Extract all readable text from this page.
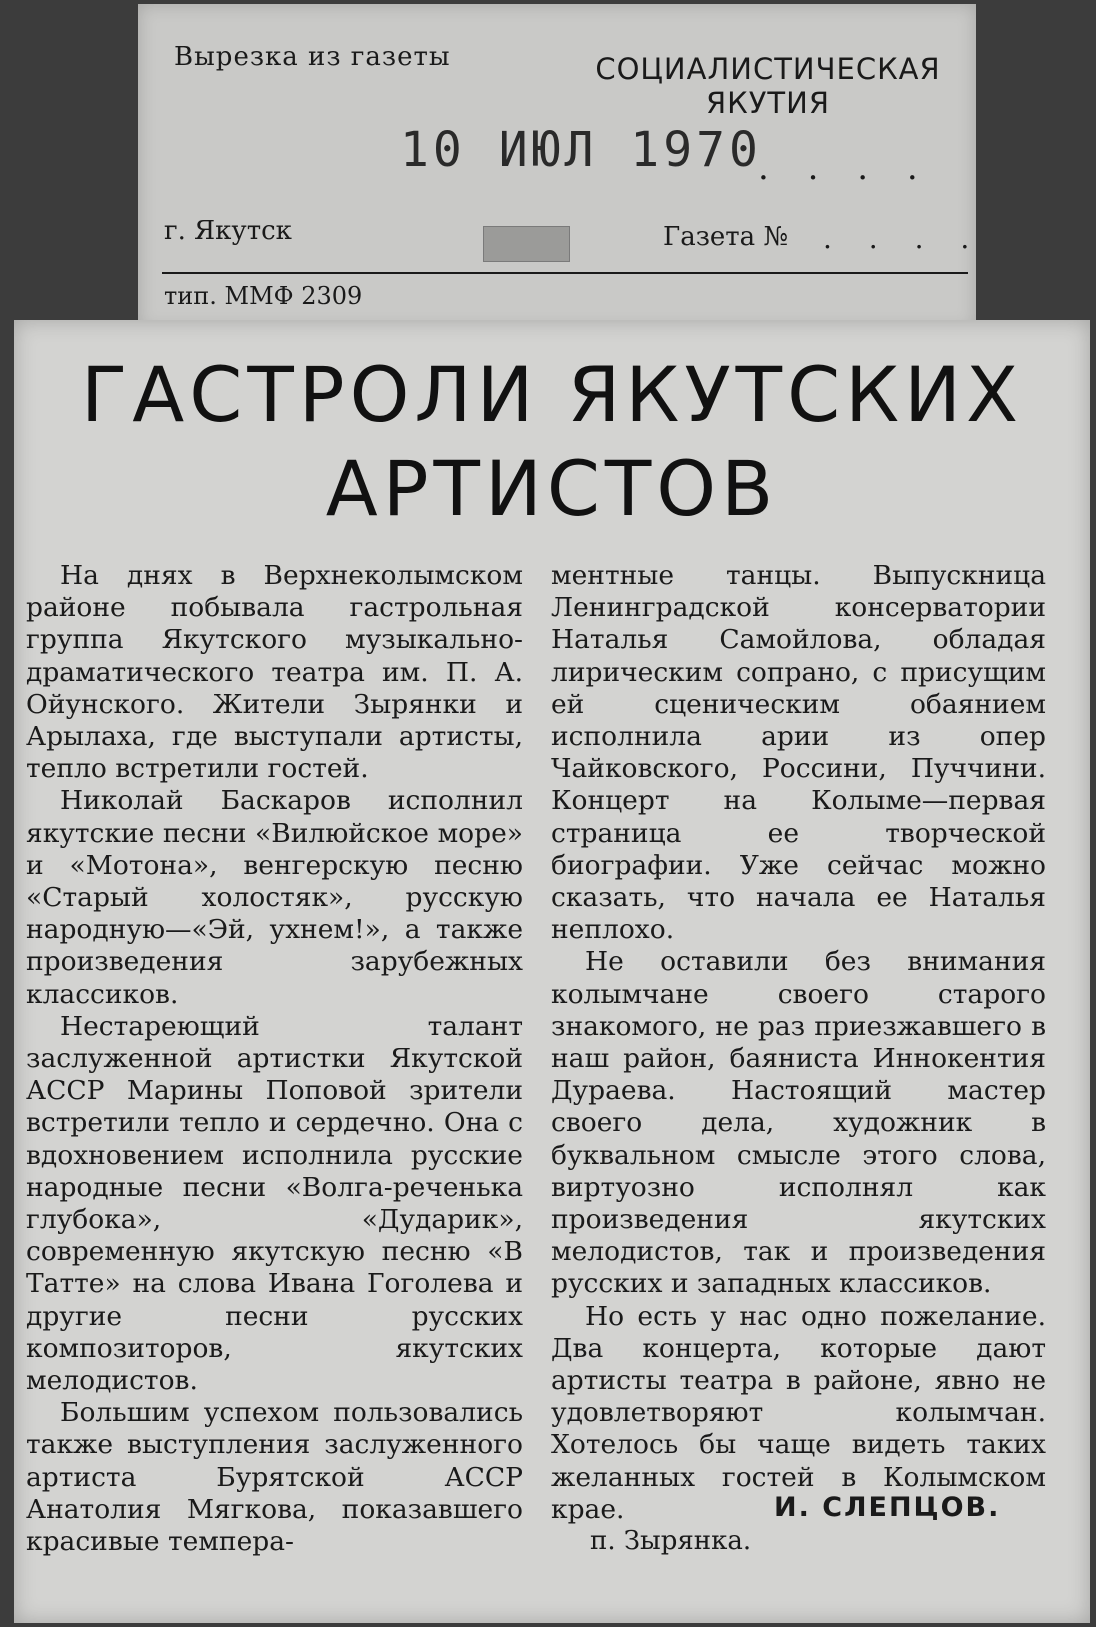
Вырезка из газеты	СОЦИАЛИСТИЧЕСКАЯ
ЯКУТИЯ
10 ИЮЛ 1970
. . . .
г. Якутск	Газета № . . . .
тип. ММФ 2309
ГАСТРОЛИ ЯКУТСКИХ
АРТИСТОВ

На днях в Верхнеколымском районе побывала гастрольная группа Якутского музыкально-драматического театра им. П. А. Ойунского. Жители Зырянки и Арылаха, где выступали артисты, тепло встретили гостей.

Николай Баскаров исполнил якутские песни «Вилюйское море» и «Мотона», венгерскую песню «Старый холостяк», русскую народную—«Эй, ухнем!», а также произведения зарубежных классиков.

Нестареющий талант заслуженной артистки Якутской АССР Марины Поповой зрители встретили тепло и сердечно. Она с вдохновением исполнила русские народные песни «Волга-реченька глубока», «Дударик», современную якутскую песню «В Татте» на слова Ивана Гоголева и другие песни русских композиторов, якутских мелодистов.

Большим успехом пользовались также выступления заслуженного артиста Бурятской АССР Анатолия Мягкова, показавшего красивые темпера-

ментные танцы. Выпускница Ленинградской консерватории Наталья Самойлова, обладая лирическим сопрано, с присущим ей сценическим обаянием исполнила арии из опер Чайковского, Россини, Пуччини. Концерт на Колыме—первая страница ее творческой биографии. Уже сейчас можно сказать, что начала ее Наталья неплохо.

Не оставили без внимания колымчане своего старого знакомого, не раз приезжавшего в наш район, баяниста Иннокентия Дураева. Настоящий мастер своего дела, художник в буквальном смысле этого слова, виртуозно исполнял как произведения якутских мелодистов, так и произведения русских и западных классиков.

Но есть у нас одно пожелание. Два концерта, которые дают артисты театра в районе, явно не удовлетворяют колымчан. Хотелось бы чаще видеть таких желанных гостей в Колымском крае.	И. СЛЕПЦОВ.
п. Зырянка.
